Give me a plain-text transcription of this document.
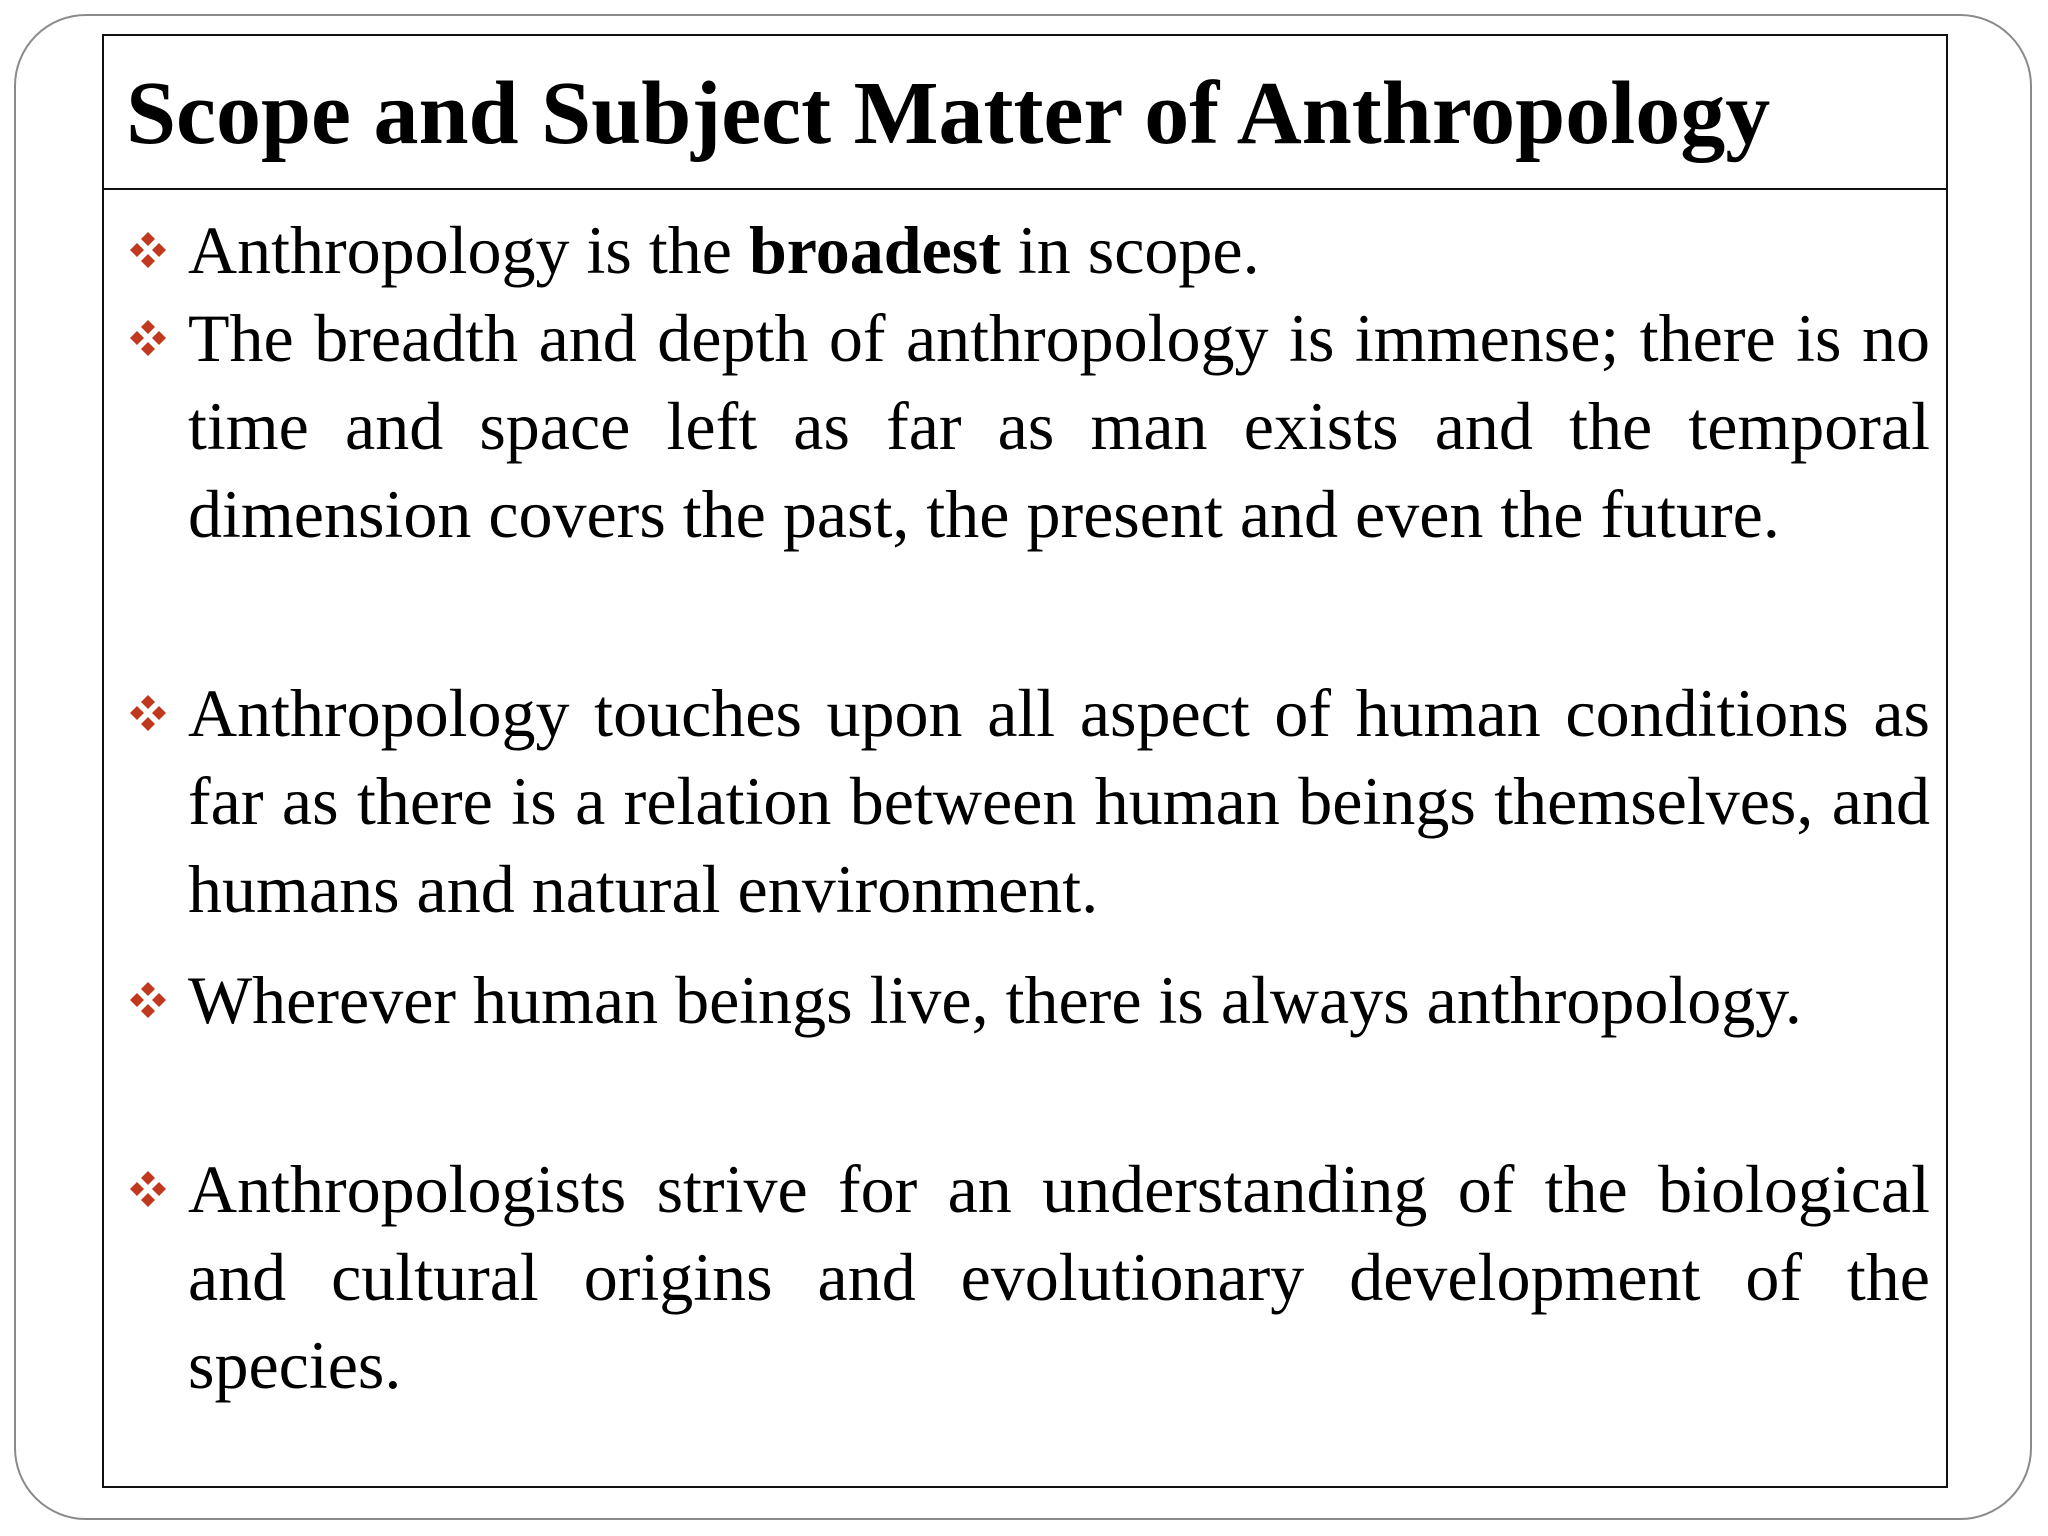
Scope and Subject Matter of Anthropology

Anthropology is the broadest in scope.

The breadth and depth of anthropology is immense; there is no time and space left as far as man exists and the temporal dimension covers the past, the present and even the future.

Anthropology touches upon all aspect of human conditions as far as there is a relation between human beings themselves, and humans and natural environment.

Wherever human beings live, there is always anthropology.

Anthropologists strive for an understanding of the biological and cultural origins and evolutionary development of the species.
